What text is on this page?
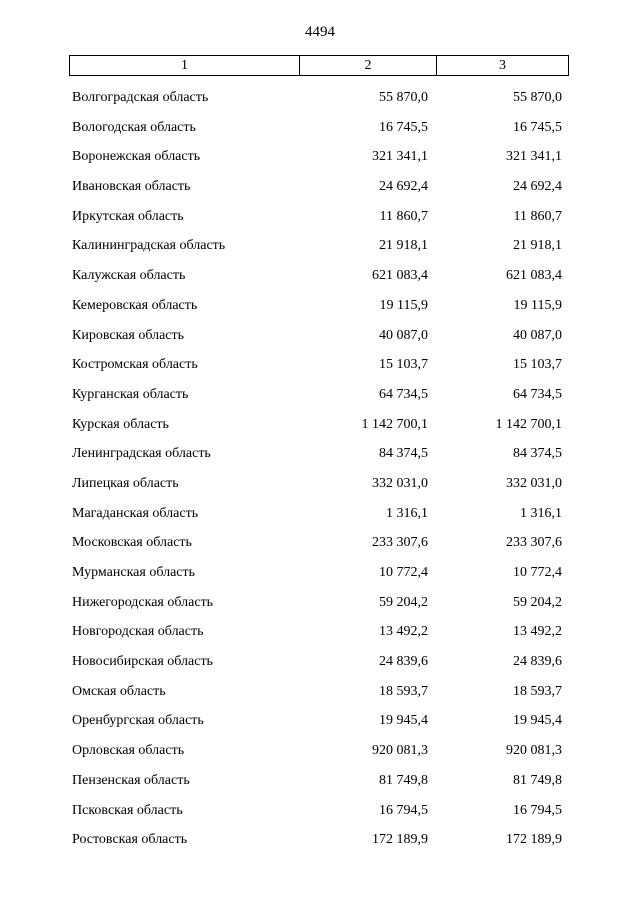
4494
1	2	3
Волгоградская область	55 870,0	55 870,0
Вологодская область	16 745,5	16 745,5
Воронежская область	321 341,1	321 341,1
Ивановская область	24 692,4	24 692,4
Иркутская область	11 860,7	11 860,7
Калининградская область	21 918,1	21 918,1
Калужская область	621 083,4	621 083,4
Кемеровская область	19 115,9	19 115,9
Кировская область	40 087,0	40 087,0
Костромская область	15 103,7	15 103,7
Курганская область	64 734,5	64 734,5
Курская область	1 142 700,1	1 142 700,1
Ленинградская область	84 374,5	84 374,5
Липецкая область	332 031,0	332 031,0
Магаданская область	1 316,1	1 316,1
Московская область	233 307,6	233 307,6
Мурманская область	10 772,4	10 772,4
Нижегородская область	59 204,2	59 204,2
Новгородская область	13 492,2	13 492,2
Новосибирская область	24 839,6	24 839,6
Омская область	18 593,7	18 593,7
Оренбургская область	19 945,4	19 945,4
Орловская область	920 081,3	920 081,3
Пензенская область	81 749,8	81 749,8
Псковская область	16 794,5	16 794,5
Ростовская область	172 189,9	172 189,9
